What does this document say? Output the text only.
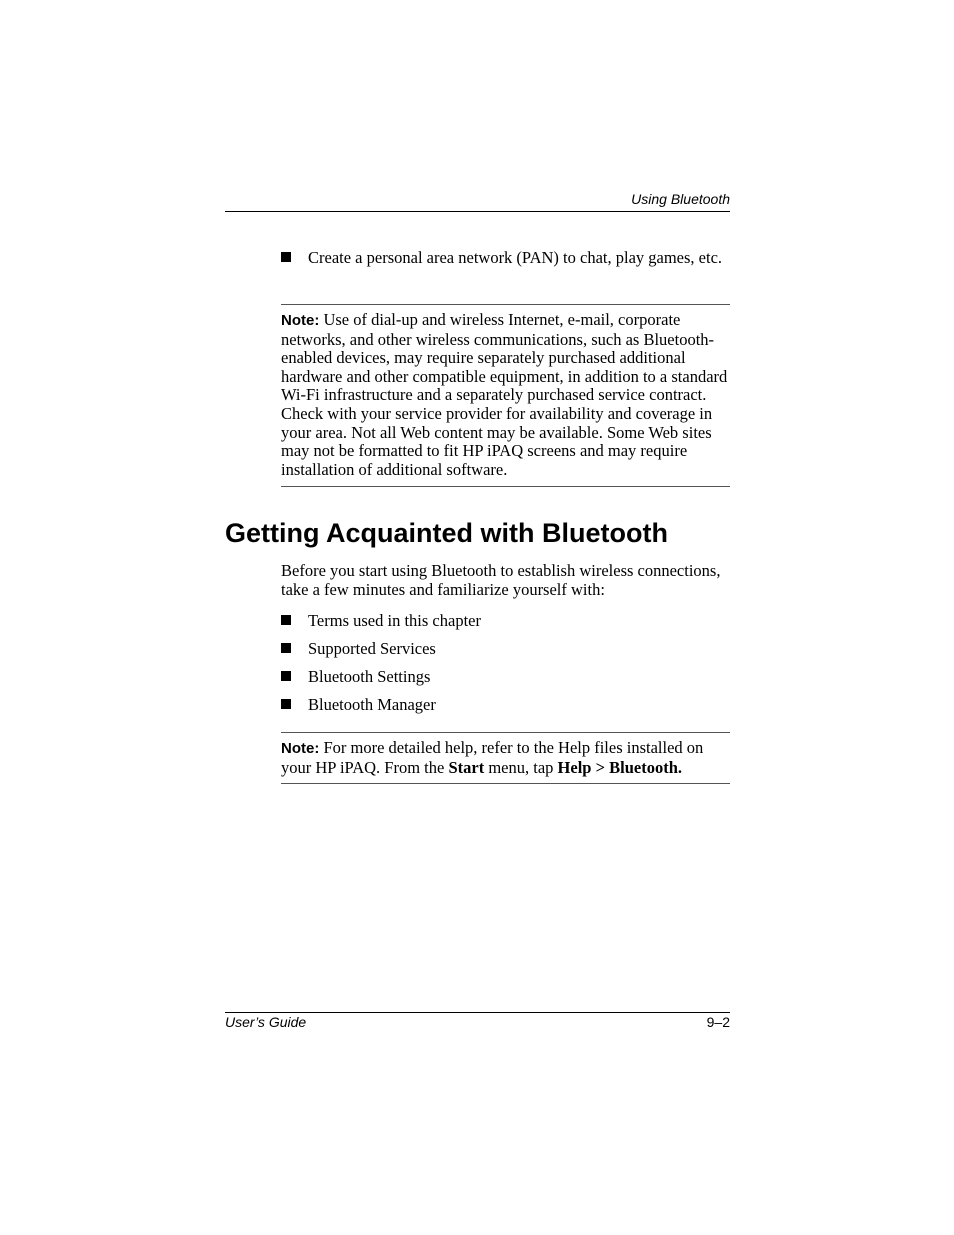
Using Bluetooth
Create a personal area network (PAN) to chat, play games, etc.
Note: Use of dial-up and wireless Internet, e-mail, corporate networks, and other wireless communications, such as Bluetooth-enabled devices, may require separately purchased additional hardware and other compatible equipment, in addition to a standard Wi-Fi infrastructure and a separately purchased service contract. Check with your service provider for availability and coverage in your area. Not all Web content may be available. Some Web sites may not be formatted to fit HP iPAQ screens and may require installation of additional software.
Getting Acquainted with Bluetooth

Before you start using Bluetooth to establish wireless connections, take a few minutes and familiarize yourself with:

Terms used in this chapter
Supported Services
Bluetooth Settings
Bluetooth Manager
Note: For more detailed help, refer to the Help files installed on your HP iPAQ. From the Start menu, tap Help > Bluetooth.
User’s Guide	9–2
